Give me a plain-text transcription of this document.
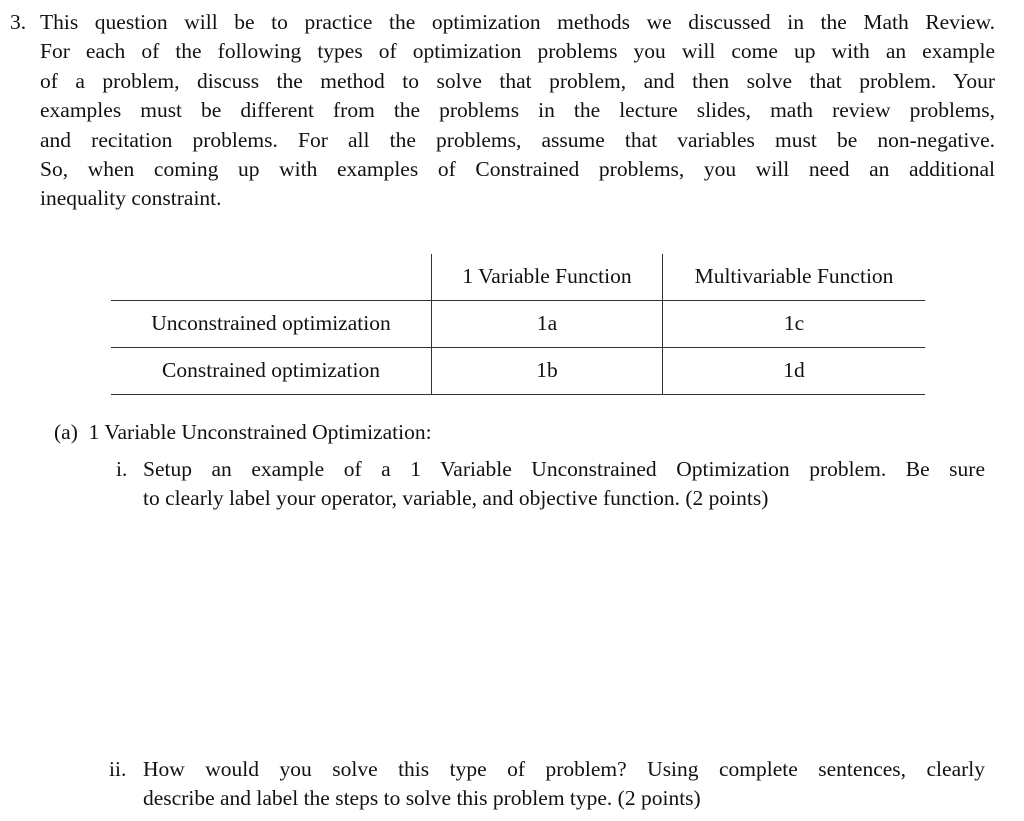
3. This question will be to practice the optimization methods we discussed in the Math Review.
For each of the following types of optimization problems you will come up with an example
of a problem, discuss the method to solve that problem, and then solve that problem. Your
examples must be different from the problems in the lecture slides, math review problems,
and recitation problems. For all the problems, assume that variables must be non-negative.
So, when coming up with examples of Constrained problems, you will need an additional
inequality constraint.
	1 Variable Function	Multivariable Function
Unconstrained optimization	1a	1c
Constrained optimization	1b	1d
(a) 1 Variable Unconstrained Optimization:
i. Setup an example of a 1 Variable Unconstrained Optimization problem. Be sure
to clearly label your operator, variable, and objective function. (2 points)
ii. How would you solve this type of problem? Using complete sentences, clearly
describe and label the steps to solve this problem type. (2 points)
